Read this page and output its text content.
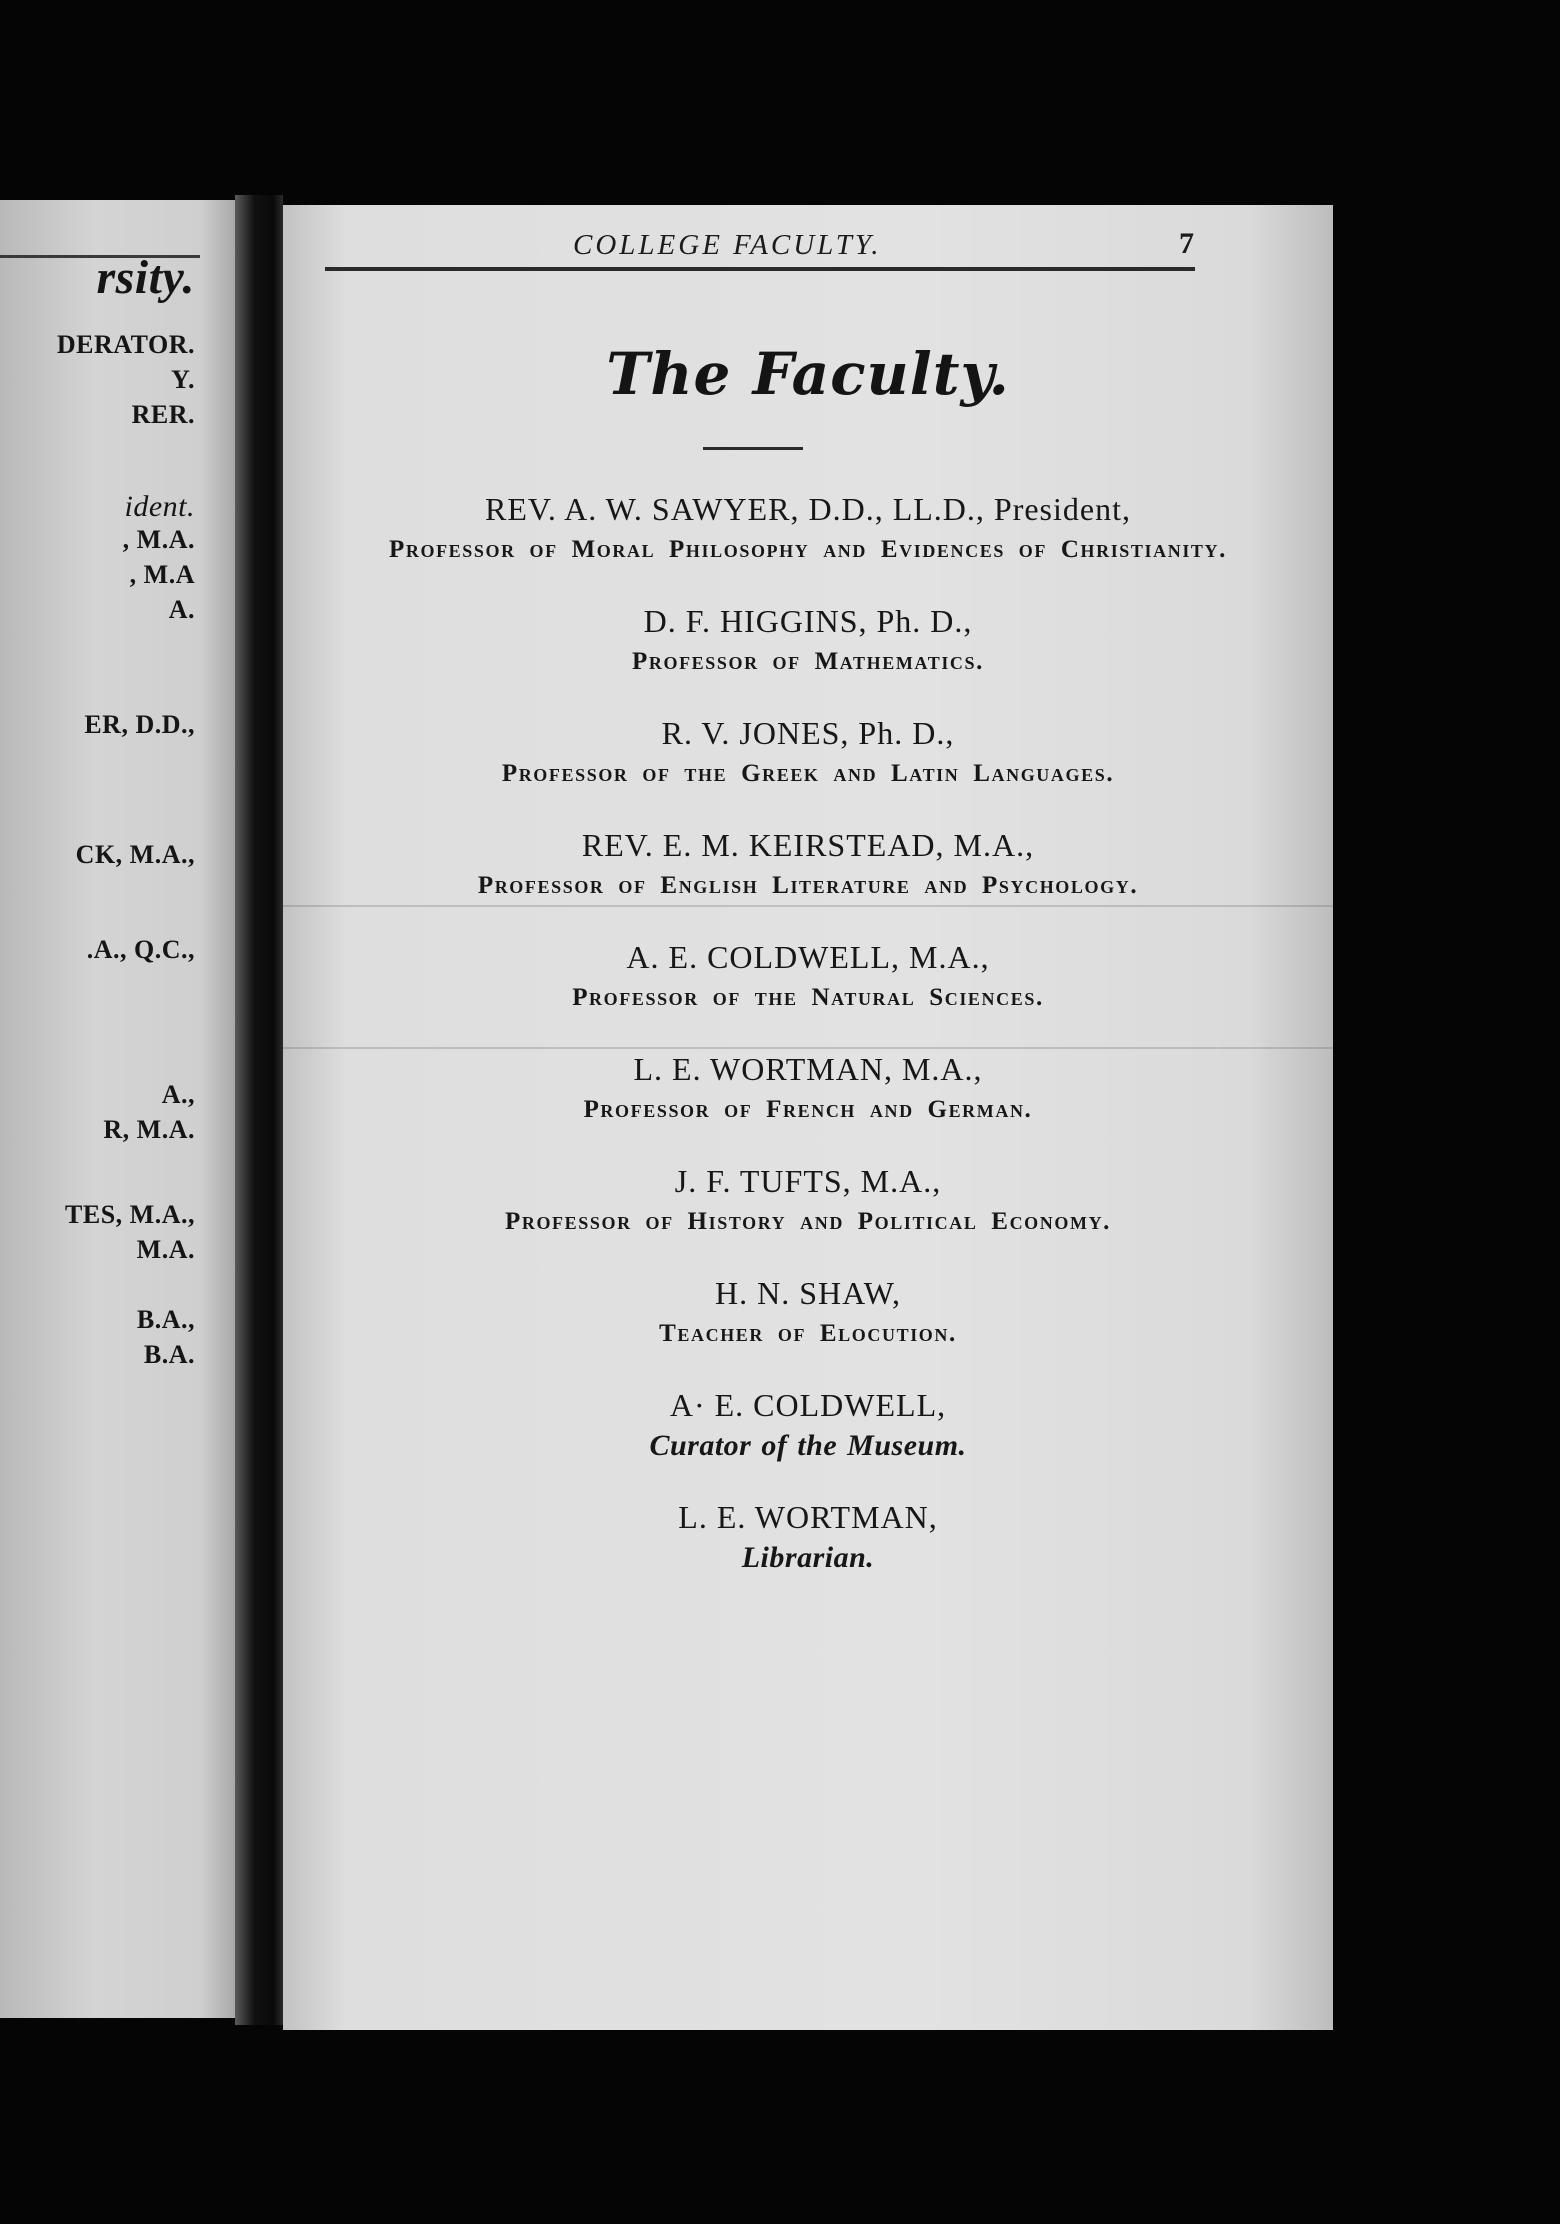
rsity.
DERATOR.
Y.
RER.
ident.
, M.A.
, M.A
A.
ER, D.D.,
CK, M.A.,
.A., Q.C.,
A.,
R, M.A.
TES, M.A.,
M.A.
B.A.,
B.A.
COLLEGE FACULTY.	7
The Faculty.
REV. A. W. SAWYER, D.D., LL.D., President,
Professor of Moral Philosophy and Evidences of Christianity.
D. F. HIGGINS, Ph. D.,
Professor of Mathematics.
R. V. JONES, Ph. D.,
Professor of the Greek and Latin Languages.
REV. E. M. KEIRSTEAD, M.A.,
Professor of English Literature and Psychology.
A. E. COLDWELL, M.A.,
Professor of the Natural Sciences.
L. E. WORTMAN, M.A.,
Professor of French and German.
J. F. TUFTS, M.A.,
Professor of History and Political Economy.
H. N. SHAW,
Teacher of Elocution.
A· E. COLDWELL,
Curator of the Museum.
L. E. WORTMAN,
Librarian.
